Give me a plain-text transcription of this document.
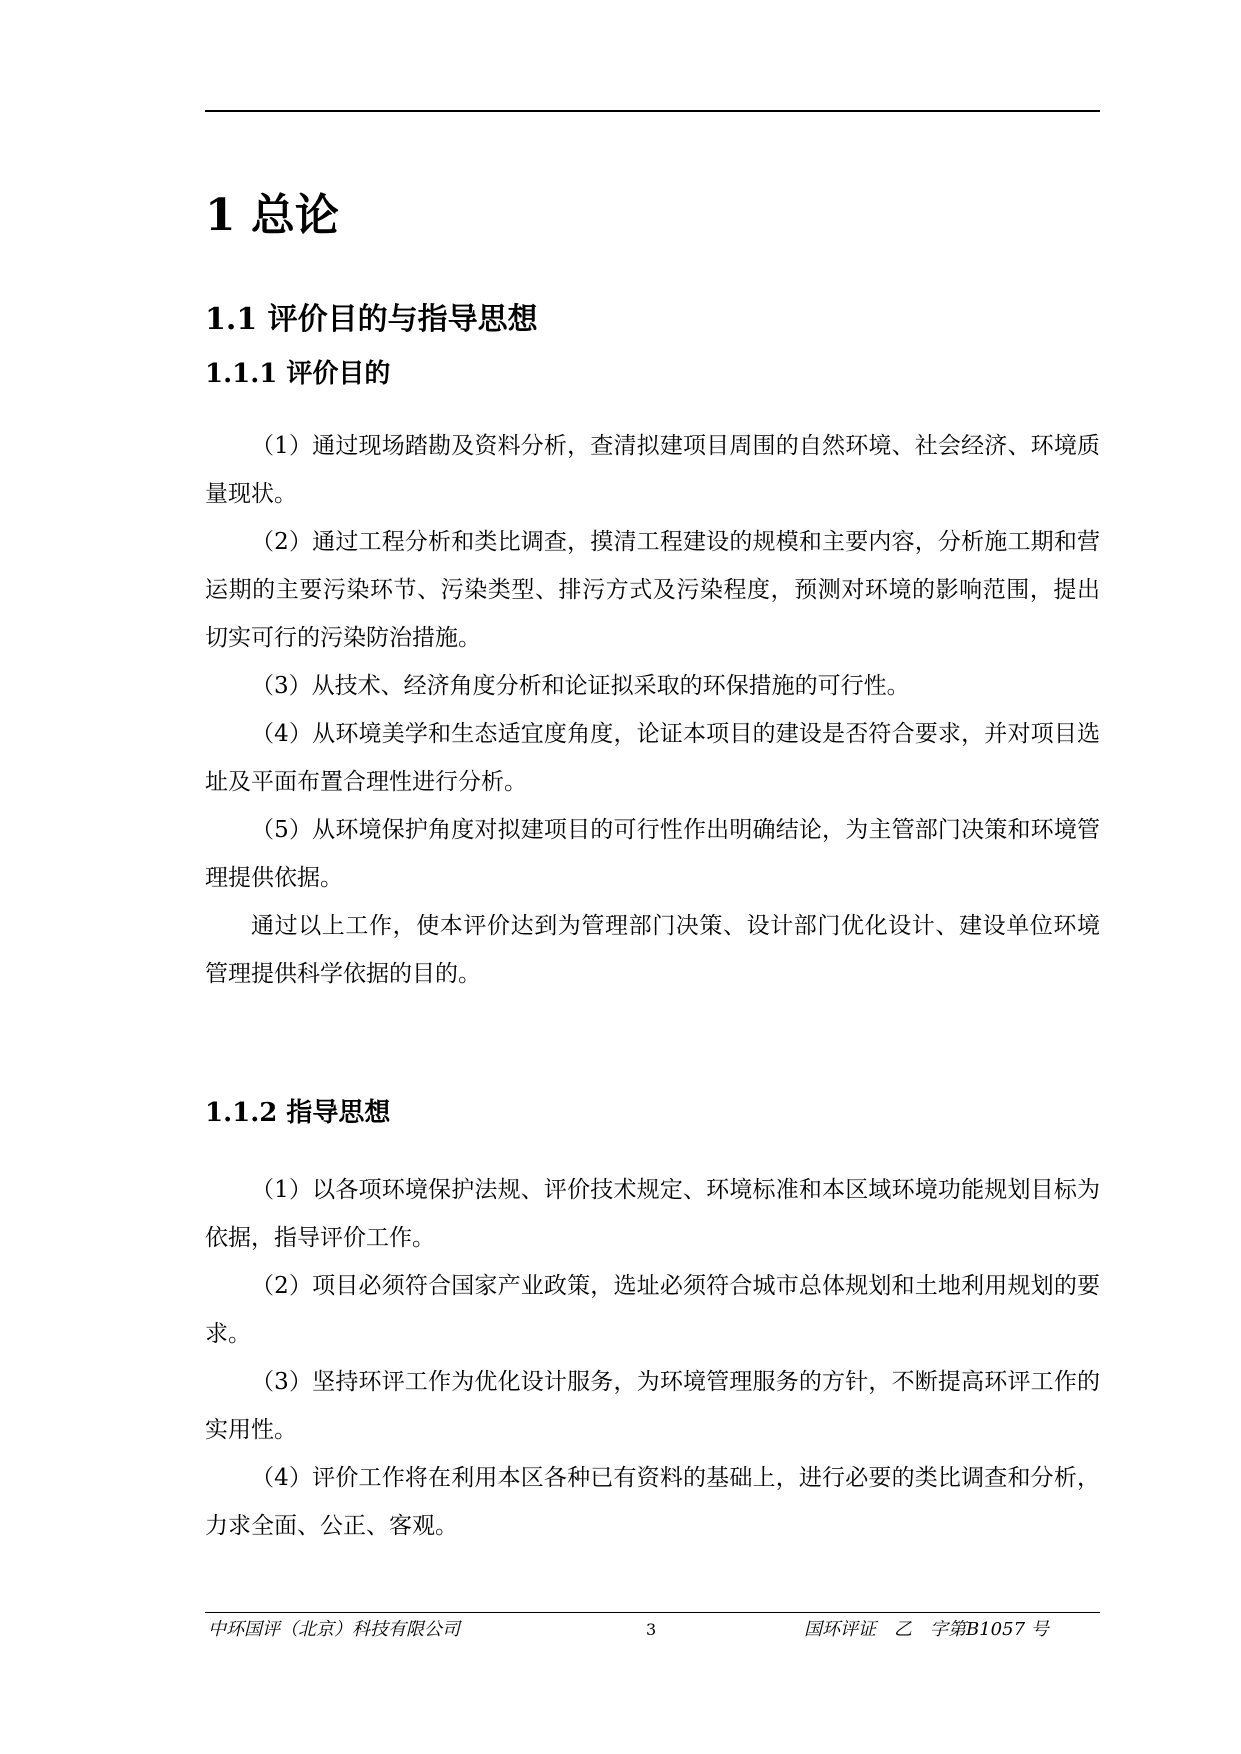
1 总论
1.1 评价目的与指导思想
1.1.1 评价目的

（1）通过现场踏勘及资料分析，查清拟建项目周围的自然环境、社会经济、环境质量现状。

（2）通过工程分析和类比调查，摸清工程建设的规模和主要内容，分析施工期和营运期的主要污染环节、污染类型、排污方式及污染程度，预测对环境的影响范围，提出切实可行的污染防治措施。

（3）从技术、经济角度分析和论证拟采取的环保措施的可行性。

（4）从环境美学和生态适宜度角度，论证本项目的建设是否符合要求，并对项目选址及平面布置合理性进行分析。

（5）从环境保护角度对拟建项目的可行性作出明确结论，为主管部门决策和环境管理提供依据。

通过以上工作，使本评价达到为管理部门决策、设计部门优化设计、建设单位环境管理提供科学依据的目的。

1.1.2 指导思想

（1）以各项环境保护法规、评价技术规定、环境标准和本区域环境功能规划目标为依据，指导评价工作。

（2）项目必须符合国家产业政策，选址必须符合城市总体规划和土地利用规划的要求。

（3）坚持环评工作为优化设计服务，为环境管理服务的方针，不断提高环评工作的实用性。

（4）评价工作将在利用本区各种已有资料的基础上，进行必要的类比调查和分析，力求全面、公正、客观。

中环国评（北京）科技有限公司	3	国环评证　乙　字第B1057 号
